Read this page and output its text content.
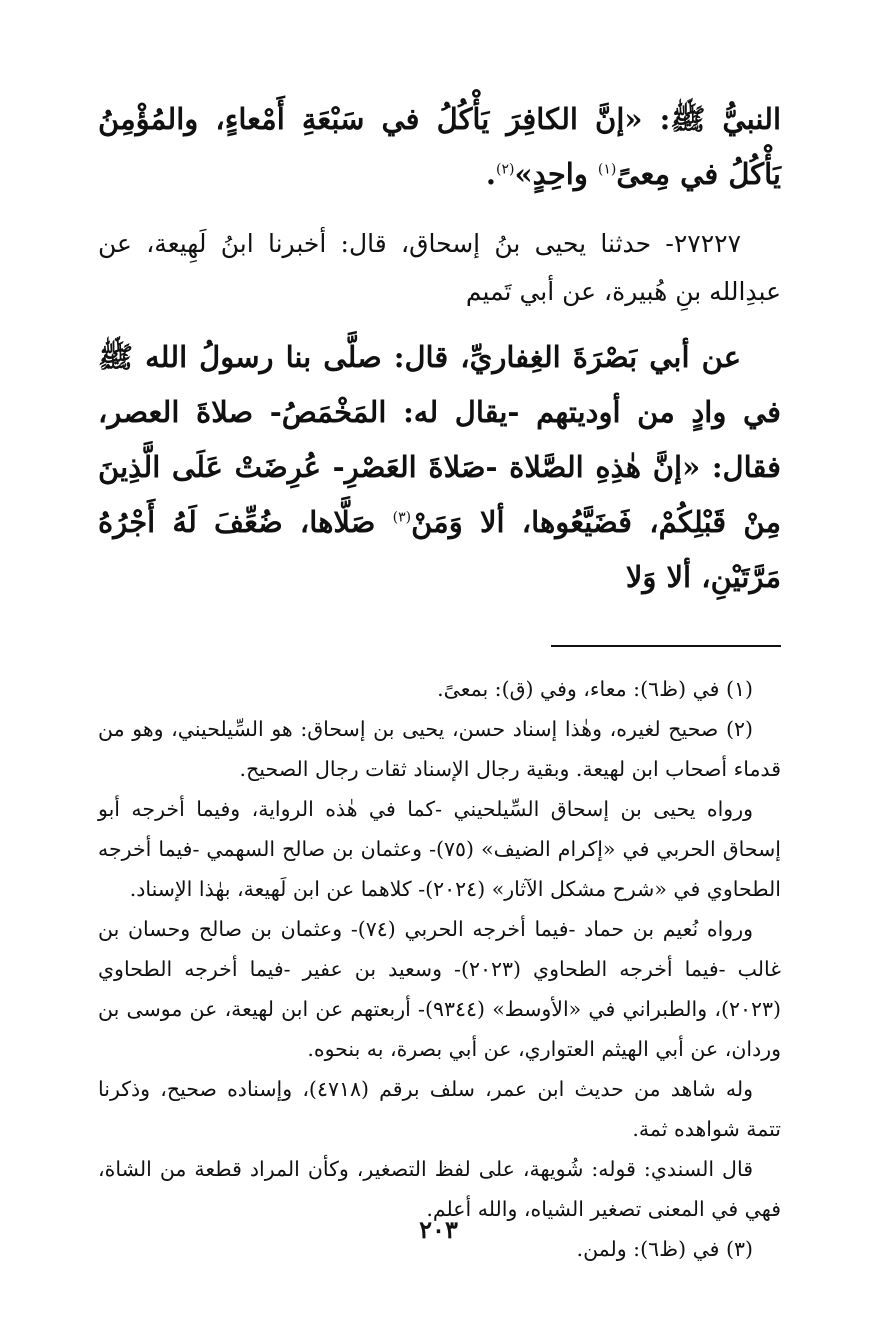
النبيُّ ﷺ: «إنَّ الكافِرَ يَأْكُلُ في سَبْعَةِ أَمْعاءٍ، والمُؤْمِنُ يَأْكُلُ في مِعىً$^{(١)}$ واحِدٍ»$^{(٢)}$.

٢٧٢٢٧- حدثنا يحيى بنُ إسحاق، قال: أخبرنا ابنُ لَهِيعة، عن عبدِالله بنِ هُبيرة، عن أبي تَميم

عن أبي بَصْرَةَ الغِفاريِّ، قال: صلَّى بنا رسولُ الله ﷺ في وادٍ من أوديتهم -يقال له: المَخْمَصُ- صلاةَ العصر، فقال: «إنَّ هٰذِهِ الصَّلاة -صَلاةَ العَصْرِ- عُرِضَتْ عَلَى الَّذِينَ مِنْ قَبْلِكُمْ، فَضَيَّعُوها، ألا وَمَنْ$^{(٣)}$ صَلَّاها، ضُعِّفَ لَهُ أَجْرُهُ مَرَّتَيْنِ، ألا وَلا

(١) في (ظ٦): معاء، وفي (ق): بمعىً.

(٢) صحيح لغيره، وهٰذا إسناد حسن، يحيى بن إسحاق: هو السِّيلحيني، وهو من قدماء أصحاب ابن لهيعة. وبقية رجال الإسناد ثقات رجال الصحيح.

ورواه يحيى بن إسحاق السِّيلحيني -كما في هٰذه الرواية، وفيما أخرجه أبو إسحاق الحربي في «إكرام الضيف» (٧٥)- وعثمان بن صالح السهمي -فيما أخرجه الطحاوي في «شرح مشكل الآثار» (٢٠٢٤)- كلاهما عن ابن لَهيعة، بهٰذا الإسناد.

ورواه نُعيم بن حماد -فيما أخرجه الحربي (٧٤)- وعثمان بن صالح وحسان بن غالب -فيما أخرجه الطحاوي (٢٠٢٣)- وسعيد بن عفير -فيما أخرجه الطحاوي (٢٠٢٣)، والطبراني في «الأوسط» (٩٣٤٤)- أربعتهم عن ابن لهيعة، عن موسى بن وردان، عن أبي الهيثم العتواري، عن أبي بصرة، به بنحوه.

وله شاهد من حديث ابن عمر، سلف برقم (٤٧١٨)، وإسناده صحيح، وذكرنا تتمة شواهده ثمة.

قال السندي: قوله: شُويهة، على لفظ التصغير، وكأن المراد قطعة من الشاة، فهي في المعنى تصغير الشياه، والله أعلم.

(٣) في (ظ٦): ولمن.

٢٠٣
